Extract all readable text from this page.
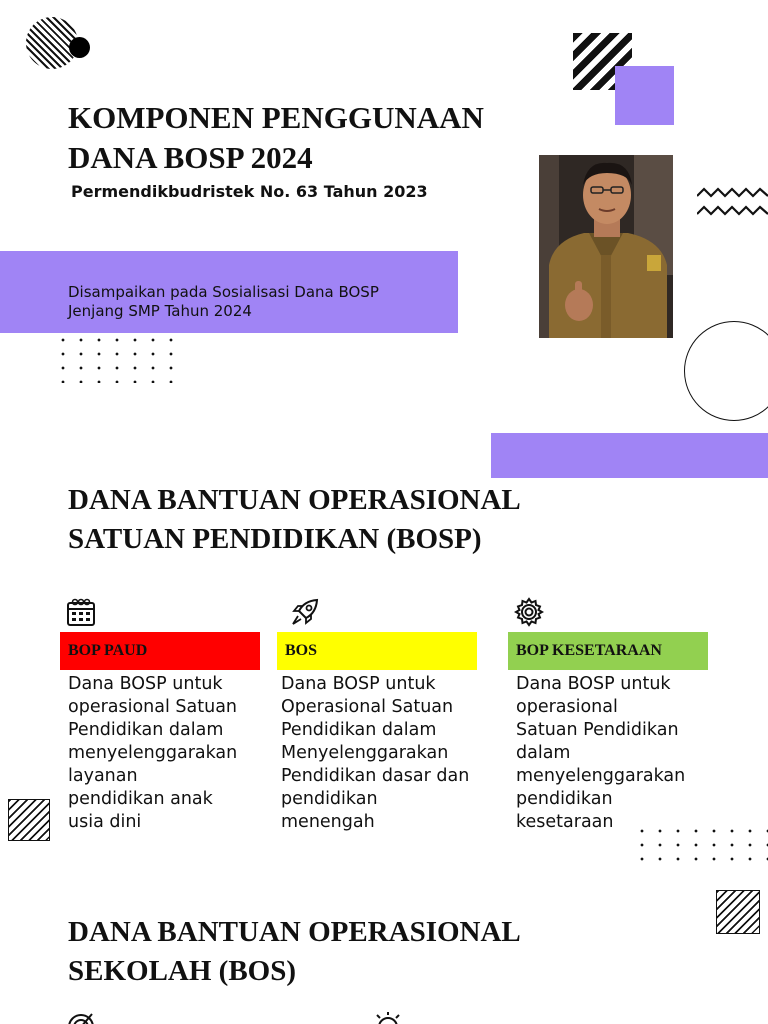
KOMPONEN PENGGUNAAN
DANA BOSP 2024
Permendikbudristek No. 63 Tahun 2023
Disampaikan pada Sosialisasi Dana BOSP
Jenjang SMP Tahun 2024
DANA BANTUAN OPERASIONAL
SATUAN PENDIDIKAN (BOSP)
BOP PAUD
Dana BOSP untuk
operasional Satuan
Pendidikan dalam
menyelenggarakan
layanan
pendidikan anak
usia dini
BOS
Dana BOSP untuk
Operasional Satuan
Pendidikan dalam
Menyelenggarakan
Pendidikan dasar dan
pendidikan
menengah
BOP KESETARAAN
Dana BOSP untuk
operasional
Satuan Pendidikan
dalam
menyelenggarakan
pendidikan
kesetaraan
DANA BANTUAN OPERASIONAL
SEKOLAH (BOS)
